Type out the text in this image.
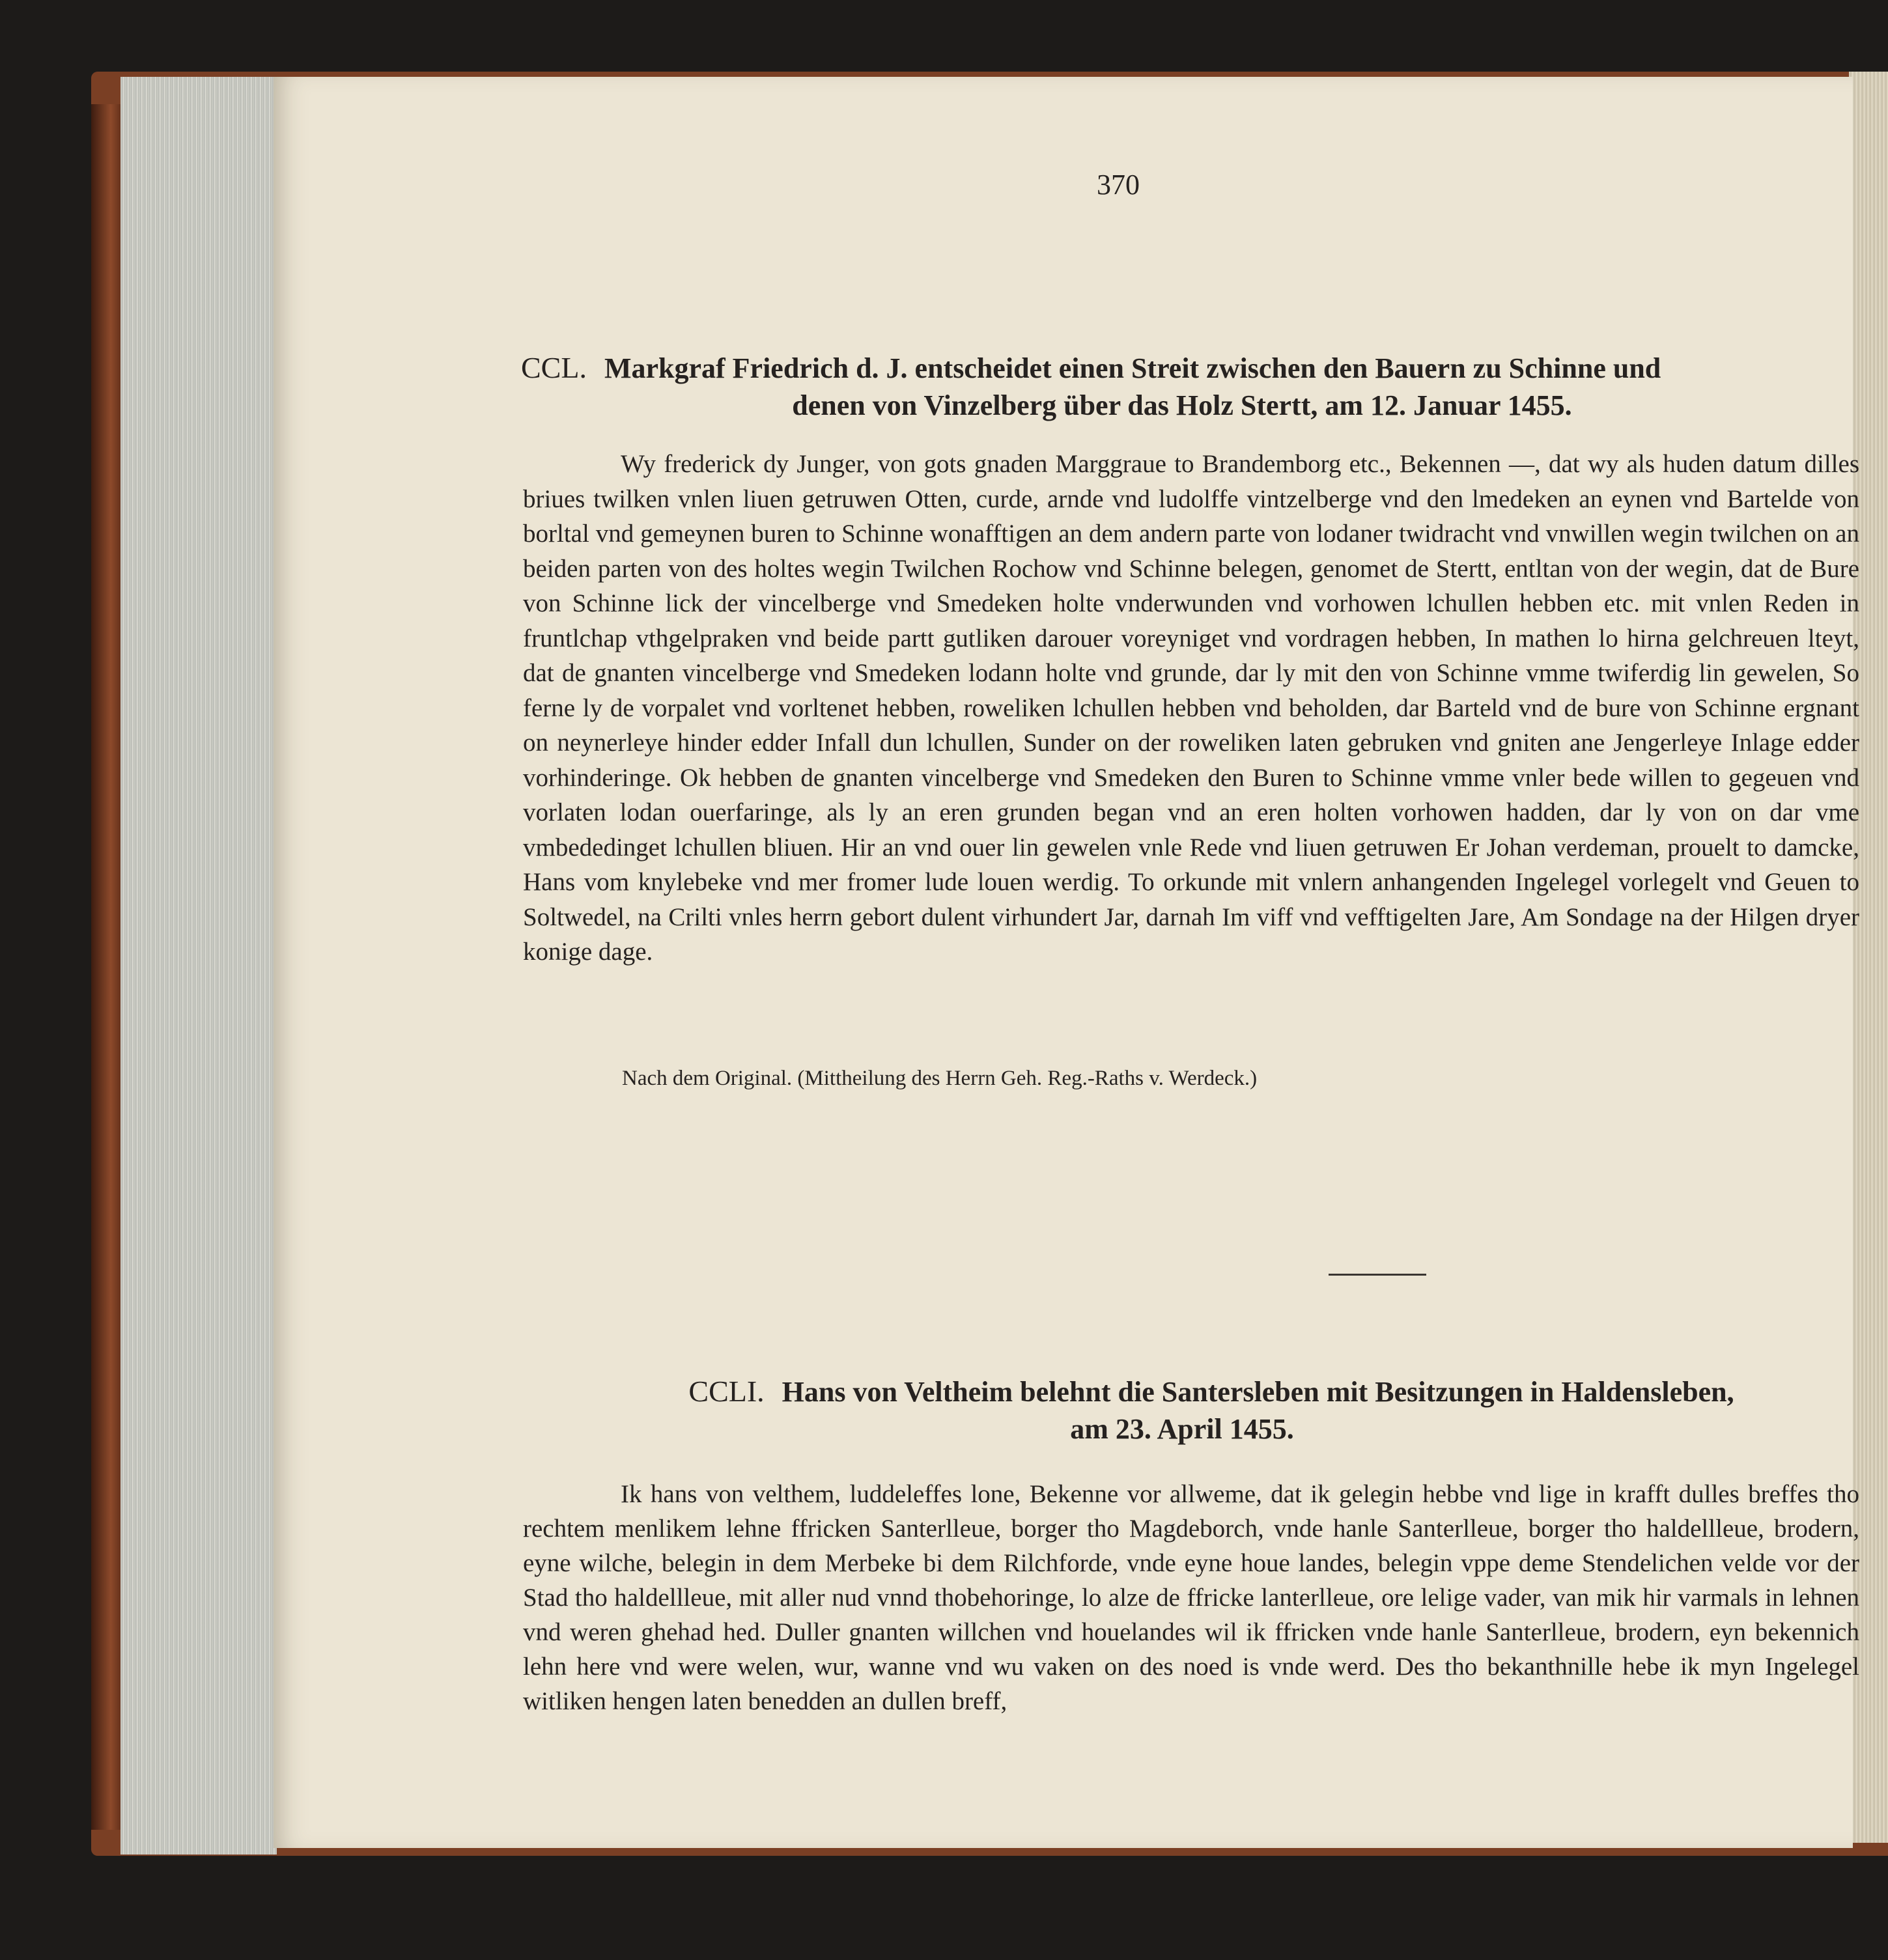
370
CCL. Markgraf Friedrich d. J. entscheidet einen Streit zwischen den Bauern zu Schinne und
denen von Vinzelberg über das Holz Stertt, am 12. Januar 1455.

Wy frederick dy Junger, von gots gnaden Marggraue to Brandemborg etc., Bekennen —, dat wy als huden datum dilles briues twilken vnlen liuen getruwen Otten, curde, arnde vnd ludolffe vintzelberge vnd den lmedeken an eynen vnd Bartelde von borltal vnd gemeynen buren to Schinne wonafftigen an dem andern parte von lodaner twidracht vnd vnwillen wegin twilchen on an beiden parten von des holtes wegin Twilchen Rochow vnd Schinne belegen, genomet de Stertt, entltan von der wegin, dat de Bure von Schinne lick der vincelberge vnd Smedeken holte vnderwunden vnd vorhowen lchullen hebben etc. mit vnlen Reden in fruntlchap vthgelpraken vnd beide partt gutliken darouer voreyniget vnd vordragen hebben, In mathen lo hirna gelchreuen lteyt, dat de gnanten vincelberge vnd Smedeken lodann holte vnd grunde, dar ly mit den von Schinne vmme twiferdig lin gewelen, So ferne ly de vorpalet vnd vorltenet hebben, roweliken lchullen hebben vnd beholden, dar Barteld vnd de bure von Schinne ergnant on neynerleye hinder edder Infall dun lchullen, Sunder on der roweliken laten gebruken vnd gniten ane Jengerleye Inlage edder vorhinderinge. Ok hebben de gnanten vincelberge vnd Smedeken den Buren to Schinne vmme vnler bede willen to gegeuen vnd vorlaten lodan ouerfaringe, als ly an eren grunden began vnd an eren holten vorhowen hadden, dar ly von on dar vme vmbededinget lchullen bliuen. Hir an vnd ouer lin gewelen vnle Rede vnd liuen getruwen Er Johan verdeman, prouelt to damcke, Hans vom knylebeke vnd mer fromer lude louen werdig. To orkunde mit vnlern anhangenden Ingelegel vorlegelt vnd Geuen to Soltwedel, na Crilti vnles herrn gebort dulent virhundert Jar, darnah Im viff vnd vefftigelten Jare, Am Sondage na der Hilgen dryer konige dage.

Nach dem Original. (Mittheilung des Herrn Geh. Reg.-Raths v. Werdeck.)
CCLI. Hans von Veltheim belehnt die Santersleben mit Besitzungen in Haldensleben,
am 23. April 1455.

Ik hans von velthem, luddeleffes lone, Bekenne vor allweme, dat ik gelegin hebbe vnd lige in krafft dulles breffes tho rechtem menlikem lehne ffricken Santerlleue, borger tho Magdeborch, vnde hanle Santerlleue, borger tho haldellleue, brodern, eyne wilche, belegin in dem Merbeke bi dem Rilchforde, vnde eyne houe landes, belegin vppe deme Stendelichen velde vor der Stad tho haldellleue, mit aller nud vnnd thobehoringe, lo alze de ffricke lanterlleue, ore lelige vader, van mik hir varmals in lehnen vnd weren ghehad hed. Duller gnanten willchen vnd houelandes wil ik ffricken vnde hanle Santerlleue, brodern, eyn bekennich lehn here vnd were welen, wur, wanne vnd wu vaken on des noed is vnde werd. Des tho bekanthnille hebe ik myn Ingelegel witliken hengen laten benedden an dullen breff,
